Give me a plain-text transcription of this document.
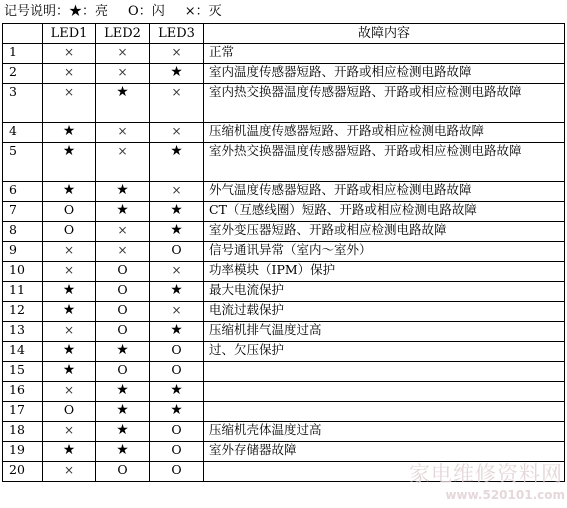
记号说明：★：亮 O：闪 ×：灭
	LED1	LED2	LED3	故障内容
1	×	×	×	正常
2	×	×	★	室内温度传感器短路、开路或相应检测电路故障
3	×	★	×	室内热交换器温度传感器短路、开路或相应检测电路故障
4	★	×	×	压缩机温度传感器短路、开路或相应检测电路故障
5	★	×	★	室外热交换器温度传感器短路、开路或相应检测电路故障
6	★	★	×	外气温度传感器短路、开路或相应检测电路故障
7	O	★	★	CT（互感线圈）短路、开路或相应检测电路故障
8	O	×	★	室外变压器短路、开路或相应检测电路故障
9	×	×	O	信号通讯异常（室内～室外）
10	×	O	×	功率模块（IPM）保护
11	★	O	★	最大电流保护
12	★	O	×	电流过载保护
13	×	O	★	压缩机排气温度过高
14	★	★	O	过、欠压保护
15	★	O	O	
16	×	★	★	
17	O	★	★	
18	×	★	O	压缩机壳体温度过高
19	★	★	O	室外存储器故障
20	×	O	O		家电维修资料网
www.520101.com
